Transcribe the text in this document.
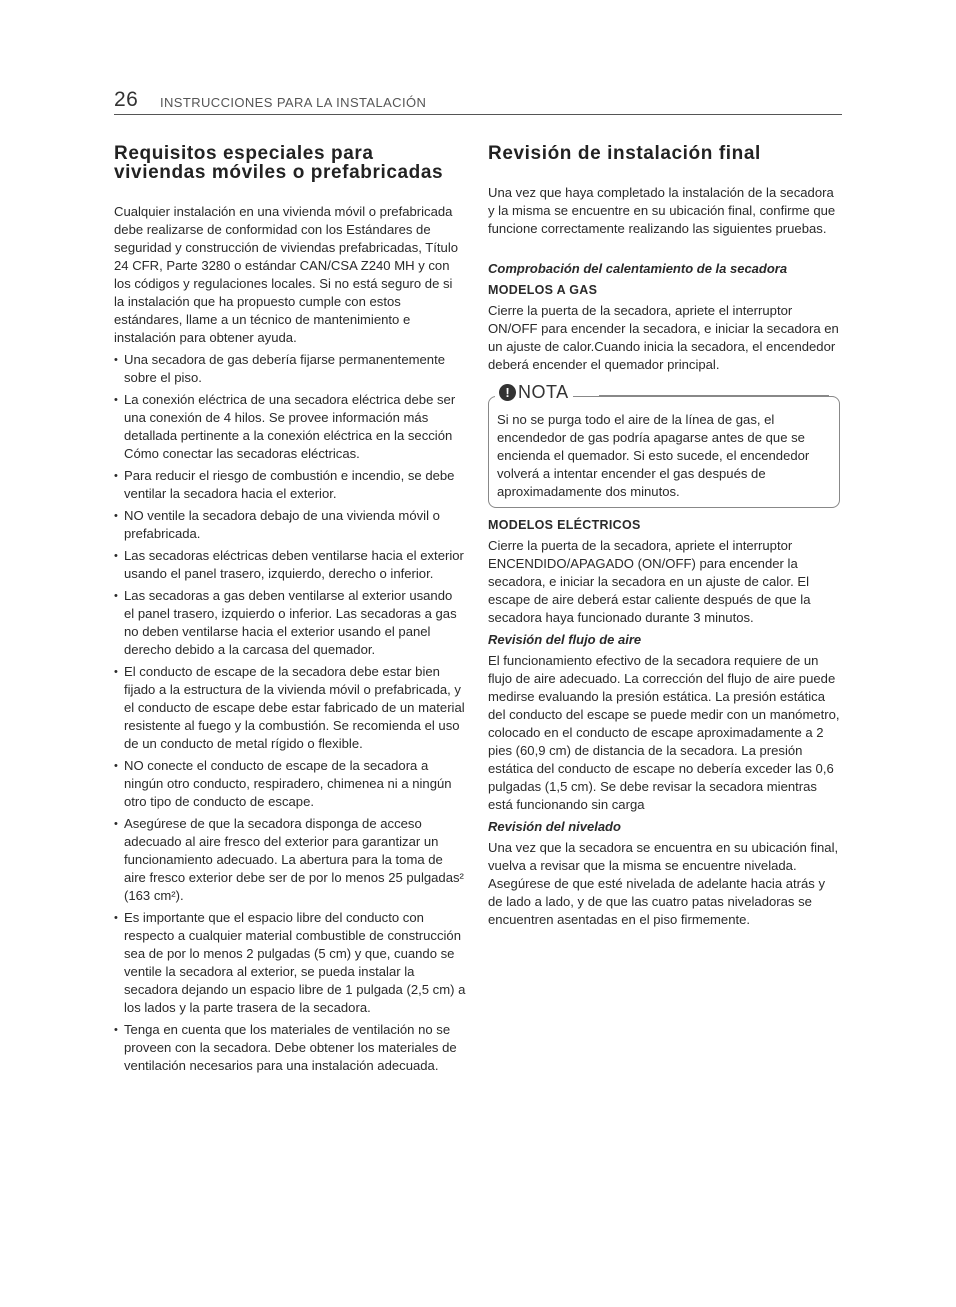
26 INSTRUCCIONES PARA LA INSTALACIÓN
Requisitos especiales para viviendas móviles o prefabricadas

Cualquier instalación en una vivienda móvil o prefabricada debe realizarse de conformidad con los Estándares de seguridad y construcción de viviendas prefabricadas, Título 24 CFR, Parte 3280 o estándar CAN/CSA Z240 MH y con los códigos y regulaciones locales. Si no está seguro de si la instalación que ha propuesto cumple con estos estándares, llame a un técnico de mantenimiento e instalación para obtener ayuda.

• Una secadora de gas debería fijarse permanentemente sobre el piso.
• La conexión eléctrica de una secadora eléctrica debe ser una conexión de 4 hilos. Se provee información más detallada pertinente a la conexión eléctrica en la sección Cómo conectar las secadoras eléctricas.
• Para reducir el riesgo de combustión e incendio, se debe ventilar la secadora hacia el exterior.
• NO ventile la secadora debajo de una vivienda móvil o prefabricada.
• Las secadoras eléctricas deben ventilarse hacia el exterior usando el panel trasero, izquierdo, derecho o inferior.
• Las secadoras a gas deben ventilarse al exterior usando el panel trasero, izquierdo o inferior. Las secadoras a gas no deben ventilarse hacia el exterior usando el panel derecho debido a la carcasa del quemador.
• El conducto de escape de la secadora debe estar bien fijado a la estructura de la vivienda móvil o prefabricada, y el conducto de escape debe estar fabricado de un material resistente al fuego y la combustión. Se recomienda el uso de un conducto de metal rígido o flexible.
• NO conecte el conducto de escape de la secadora a ningún otro conducto, respiradero, chimenea ni a ningún otro tipo de conducto de escape.
• Asegúrese de que la secadora disponga de acceso adecuado al aire fresco del exterior para garantizar un funcionamiento adecuado. La abertura para la toma de aire fresco exterior debe ser de por lo menos 25 pulgadas² (163 cm²).
• Es importante que el espacio libre del conducto con respecto a cualquier material combustible de construcción sea de por lo menos 2 pulgadas (5 cm) y que, cuando se ventile la secadora al exterior, se pueda instalar la secadora dejando un espacio libre de 1 pulgada (2,5 cm) a los lados y la parte trasera de la secadora.
• Tenga en cuenta que los materiales de ventilación no se proveen con la secadora. Debe obtener los materiales de ventilación necesarios para una instalación adecuada.
Revisión de instalación final

Una vez que haya completado la instalación de la secadora y la misma se encuentre en su ubicación final, confirme que funcione correctamente realizando las siguientes pruebas.

Comprobación del calentamiento de la secadora
MODELOS A GAS

Cierre la puerta de la secadora, apriete el interruptor ON/OFF para encender la secadora, e iniciar la secadora en un ajuste de calor.Cuando inicia la secadora, el encendedor deberá encender el quemador principal.

! NOTA

Si no se purga todo el aire de la línea de gas, el encendedor de gas podría apagarse antes de que se encienda el quemador. Si esto sucede, el encendedor volverá a intentar encender el gas después de aproximadamente dos minutos.

MODELOS ELÉCTRICOS

Cierre la puerta de la secadora, apriete el interruptor ENCENDIDO/APAGADO (ON/OFF) para encender la secadora, e iniciar la secadora en un ajuste de calor. El escape de aire deberá estar caliente después de que la secadora haya funcionado durante 3 minutos.

Revisión del flujo de aire

El funcionamiento efectivo de la secadora requiere de un flujo de aire adecuado. La corrección del flujo de aire puede medirse evaluando la presión estática. La presión estática del conducto del escape se puede medir con un manómetro, colocado en el conducto de escape aproximadamente a 2 pies (60,9 cm) de distancia de la secadora. La presión estática del conducto de escape no debería exceder las 0,6 pulgadas (1,5 cm). Se debe revisar la secadora mientras está funcionando sin carga

Revisión del nivelado

Una vez que la secadora se encuentra en su ubicación final, vuelva a revisar que la misma se encuentre nivelada. Asegúrese de que esté nivelada de adelante hacia atrás y de lado a lado, y de que las cuatro patas niveladoras se encuentren asentadas en el piso firmemente.
